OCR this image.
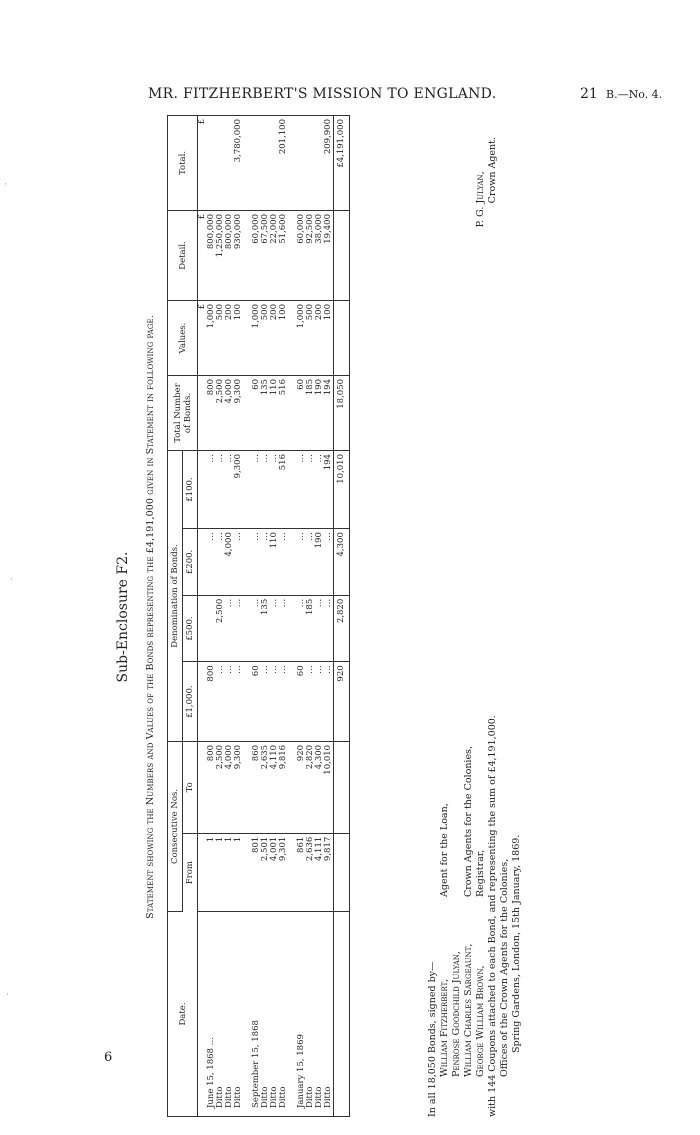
MR. FITZHERBERT'S MISSION TO ENGLAND.	21 B.—No. 4.
6
Sub-Enclosure F2. Statement showing the Numbers and Values of the Bonds representing the £4,191,000 given in Statement in following page.
Date.	Consecutive Nos.		Denomination of Bonds.				Total Number of Bonds.	Values.	Detail.	Total.
	From	To	£1,000.	£500.	£200.	£100.				
								£	£	£
June 15, 1868 …	1	800	800		…	…	800	1,000	800,000	
Ditto	1	2,500	…	2,500	…	…	2,500	500	1,250,000	
Ditto	1	4,000	…	…	4,000	…	4,000	200	800,000	
Ditto	1	9,300	…	…	…	9,300	9,300	100	930,000	3,780,000

September 15, 1868	801	860	60	…	…	…	60	1,000	60,000	
Ditto	2,501	2,635	…	135	…	…	135	500	67,500	
Ditto	4,001	4,110	…	…	110	…	110	200	22,000	
Ditto	9,301	9,816	…	…	…	516	516	100	51,600	201,100

January 15, 1869	861	920	60	…	…	…	60	1,000	60,000	
Ditto	2,636	2,820	…	185	…	…	185	500	92,500	
Ditto	4,111	4,300	…	…	190	…	190	200	38,000	
Ditto	9,817	10,010	…	…	…	194	194	100	19,400	209,900
			920	2,820	4,300	10,010	18,050			£4,191,000
In all 18,050 Bonds, signed by— William Fitzherbert,Agent for the Loan,
Penrose Goodchild Julyan, William Charles Sargeaunt,Crown Agents for the Colonies,
George William Brown,Registrar, with 144 Coupons attached to each Bond, and representing the sum of £4,191,000. Offices of the Crown Agents for the Colonies, Spring Gardens, London, 15th January, 1869.
P. G. Julyan, Crown Agent.
·
·
·
